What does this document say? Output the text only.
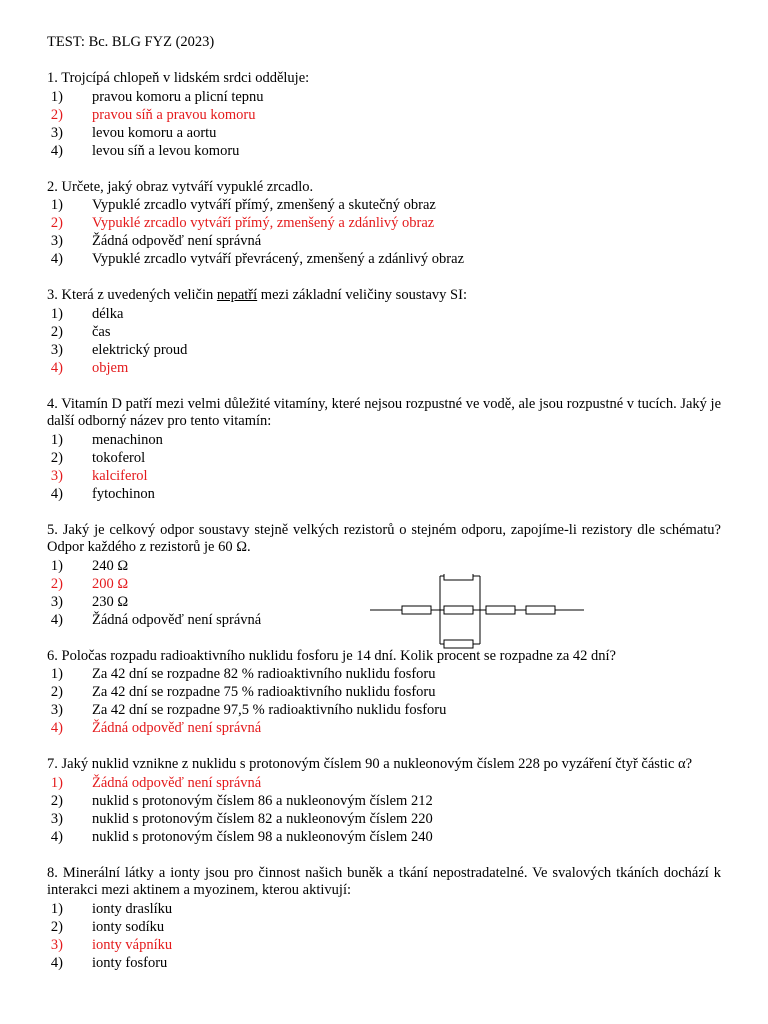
TEST: Bc. BLG FYZ (2023)
1. Trojcípá chlopeň v lidském srdci odděluje:
1) pravou komoru a plicní tepnu
2) pravou síň a pravou komoru
3) levou komoru a aortu
4) levou síň a levou komoru
2. Určete, jaký obraz vytváří vypuklé zrcadlo.
1) Vypuklé zrcadlo vytváří přímý, zmenšený a skutečný obraz
2) Vypuklé zrcadlo vytváří přímý, zmenšený a zdánlivý obraz
3) Žádná odpověď není správná
4) Vypuklé zrcadlo vytváří převrácený, zmenšený a zdánlivý obraz
3. Která z uvedených veličin nepatří mezi základní veličiny soustavy SI:
1) délka
2) čas
3) elektrický proud
4) objem
4. Vitamín D patří mezi velmi důležité vitamíny, které nejsou rozpustné ve vodě, ale jsou rozpustné v tucích. Jaký je další odborný název pro tento vitamín:
1) menachinon
2) tokoferol
3) kalciferol
4) fytochinon
5. Jaký je celkový odpor soustavy stejně velkých rezistorů o stejném odporu, zapojíme-li rezistory dle schématu? Odpor každého z rezistorů je 60 Ω.
1) 240 Ω
2) 200 Ω
3) 230 Ω
4) Žádná odpověď není správná
6. Poločas rozpadu radioaktivního nuklidu fosforu je 14 dní. Kolik procent se rozpadne za 42 dní?
1) Za 42 dní se rozpadne 82 % radioaktivního nuklidu fosforu
2) Za 42 dní se rozpadne 75 % radioaktivního nuklidu fosforu
3) Za 42 dní se rozpadne 97,5 % radioaktivního nuklidu fosforu
4) Žádná odpověď není správná
7. Jaký nuklid vznikne z nuklidu s protonovým číslem 90 a nukleonovým číslem 228 po vyzáření čtyř částic α?
1) Žádná odpověď není správná
2) nuklid s protonovým číslem 86 a nukleonovým číslem 212
3) nuklid s protonovým číslem 82 a nukleonovým číslem 220
4) nuklid s protonovým číslem 98 a nukleonovým číslem 240
8. Minerální látky a ionty jsou pro činnost našich buněk a tkání nepostradatelné. Ve svalových tkáních dochází k interakci mezi aktinem a myozinem, kterou aktivují:
1) ionty draslíku
2) ionty sodíku
3) ionty vápníku
4) ionty fosforu
